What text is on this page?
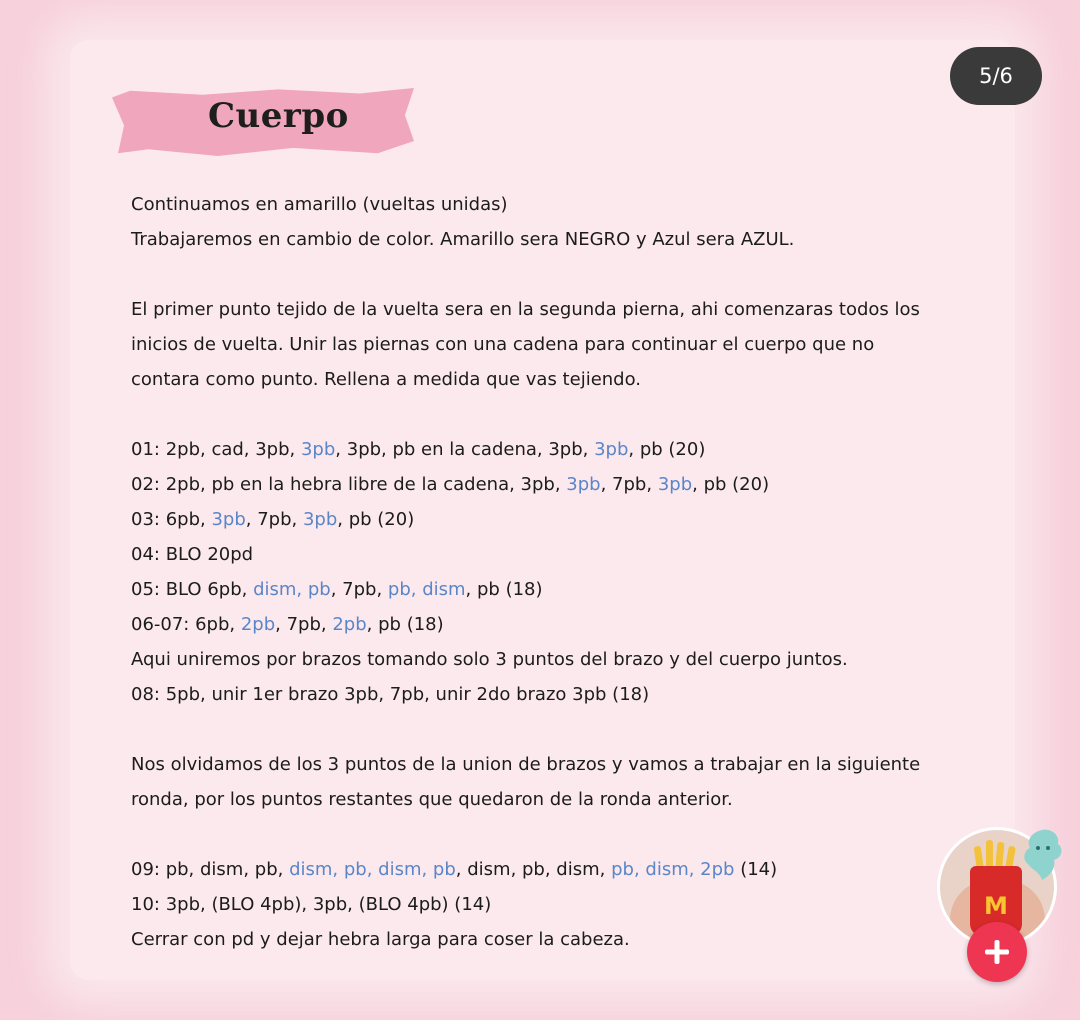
5/6
Cuerpo
Continuamos en amarillo (vueltas unidas)
Trabajaremos en cambio de color. Amarillo sera NEGRO y Azul sera AZUL.
El primer punto tejido de la vuelta sera en la segunda pierna, ahi comenzaras todos los
inicios de vuelta. Unir las piernas con una cadena para continuar el cuerpo que no
contara como punto. Rellena a medida que vas tejiendo.
01: 2pb, cad, 3pb, 3pb, 3pb, pb en la cadena, 3pb, 3pb, pb (20)
02: 2pb, pb en la hebra libre de la cadena, 3pb, 3pb, 7pb, 3pb, pb (20)
03: 6pb, 3pb, 7pb, 3pb, pb (20)
04: BLO 20pd
05: BLO 6pb, dism, pb, 7pb, pb, dism, pb (18)
06-07: 6pb, 2pb, 7pb, 2pb, pb (18)
Aqui uniremos por brazos tomando solo 3 puntos del brazo y del cuerpo juntos.
08: 5pb, unir 1er brazo 3pb, 7pb, unir 2do brazo 3pb (18)
Nos olvidamos de los 3 puntos de la union de brazos y vamos a trabajar en la siguiente
ronda, por los puntos restantes que quedaron de la ronda anterior.
09: pb, dism, pb, dism, pb, dism, pb, dism, pb, dism, pb, dism, 2pb (14)
10: 3pb, (BLO 4pb), 3pb, (BLO 4pb) (14)
Cerrar con pd y dejar hebra larga para coser la cabeza.
M
